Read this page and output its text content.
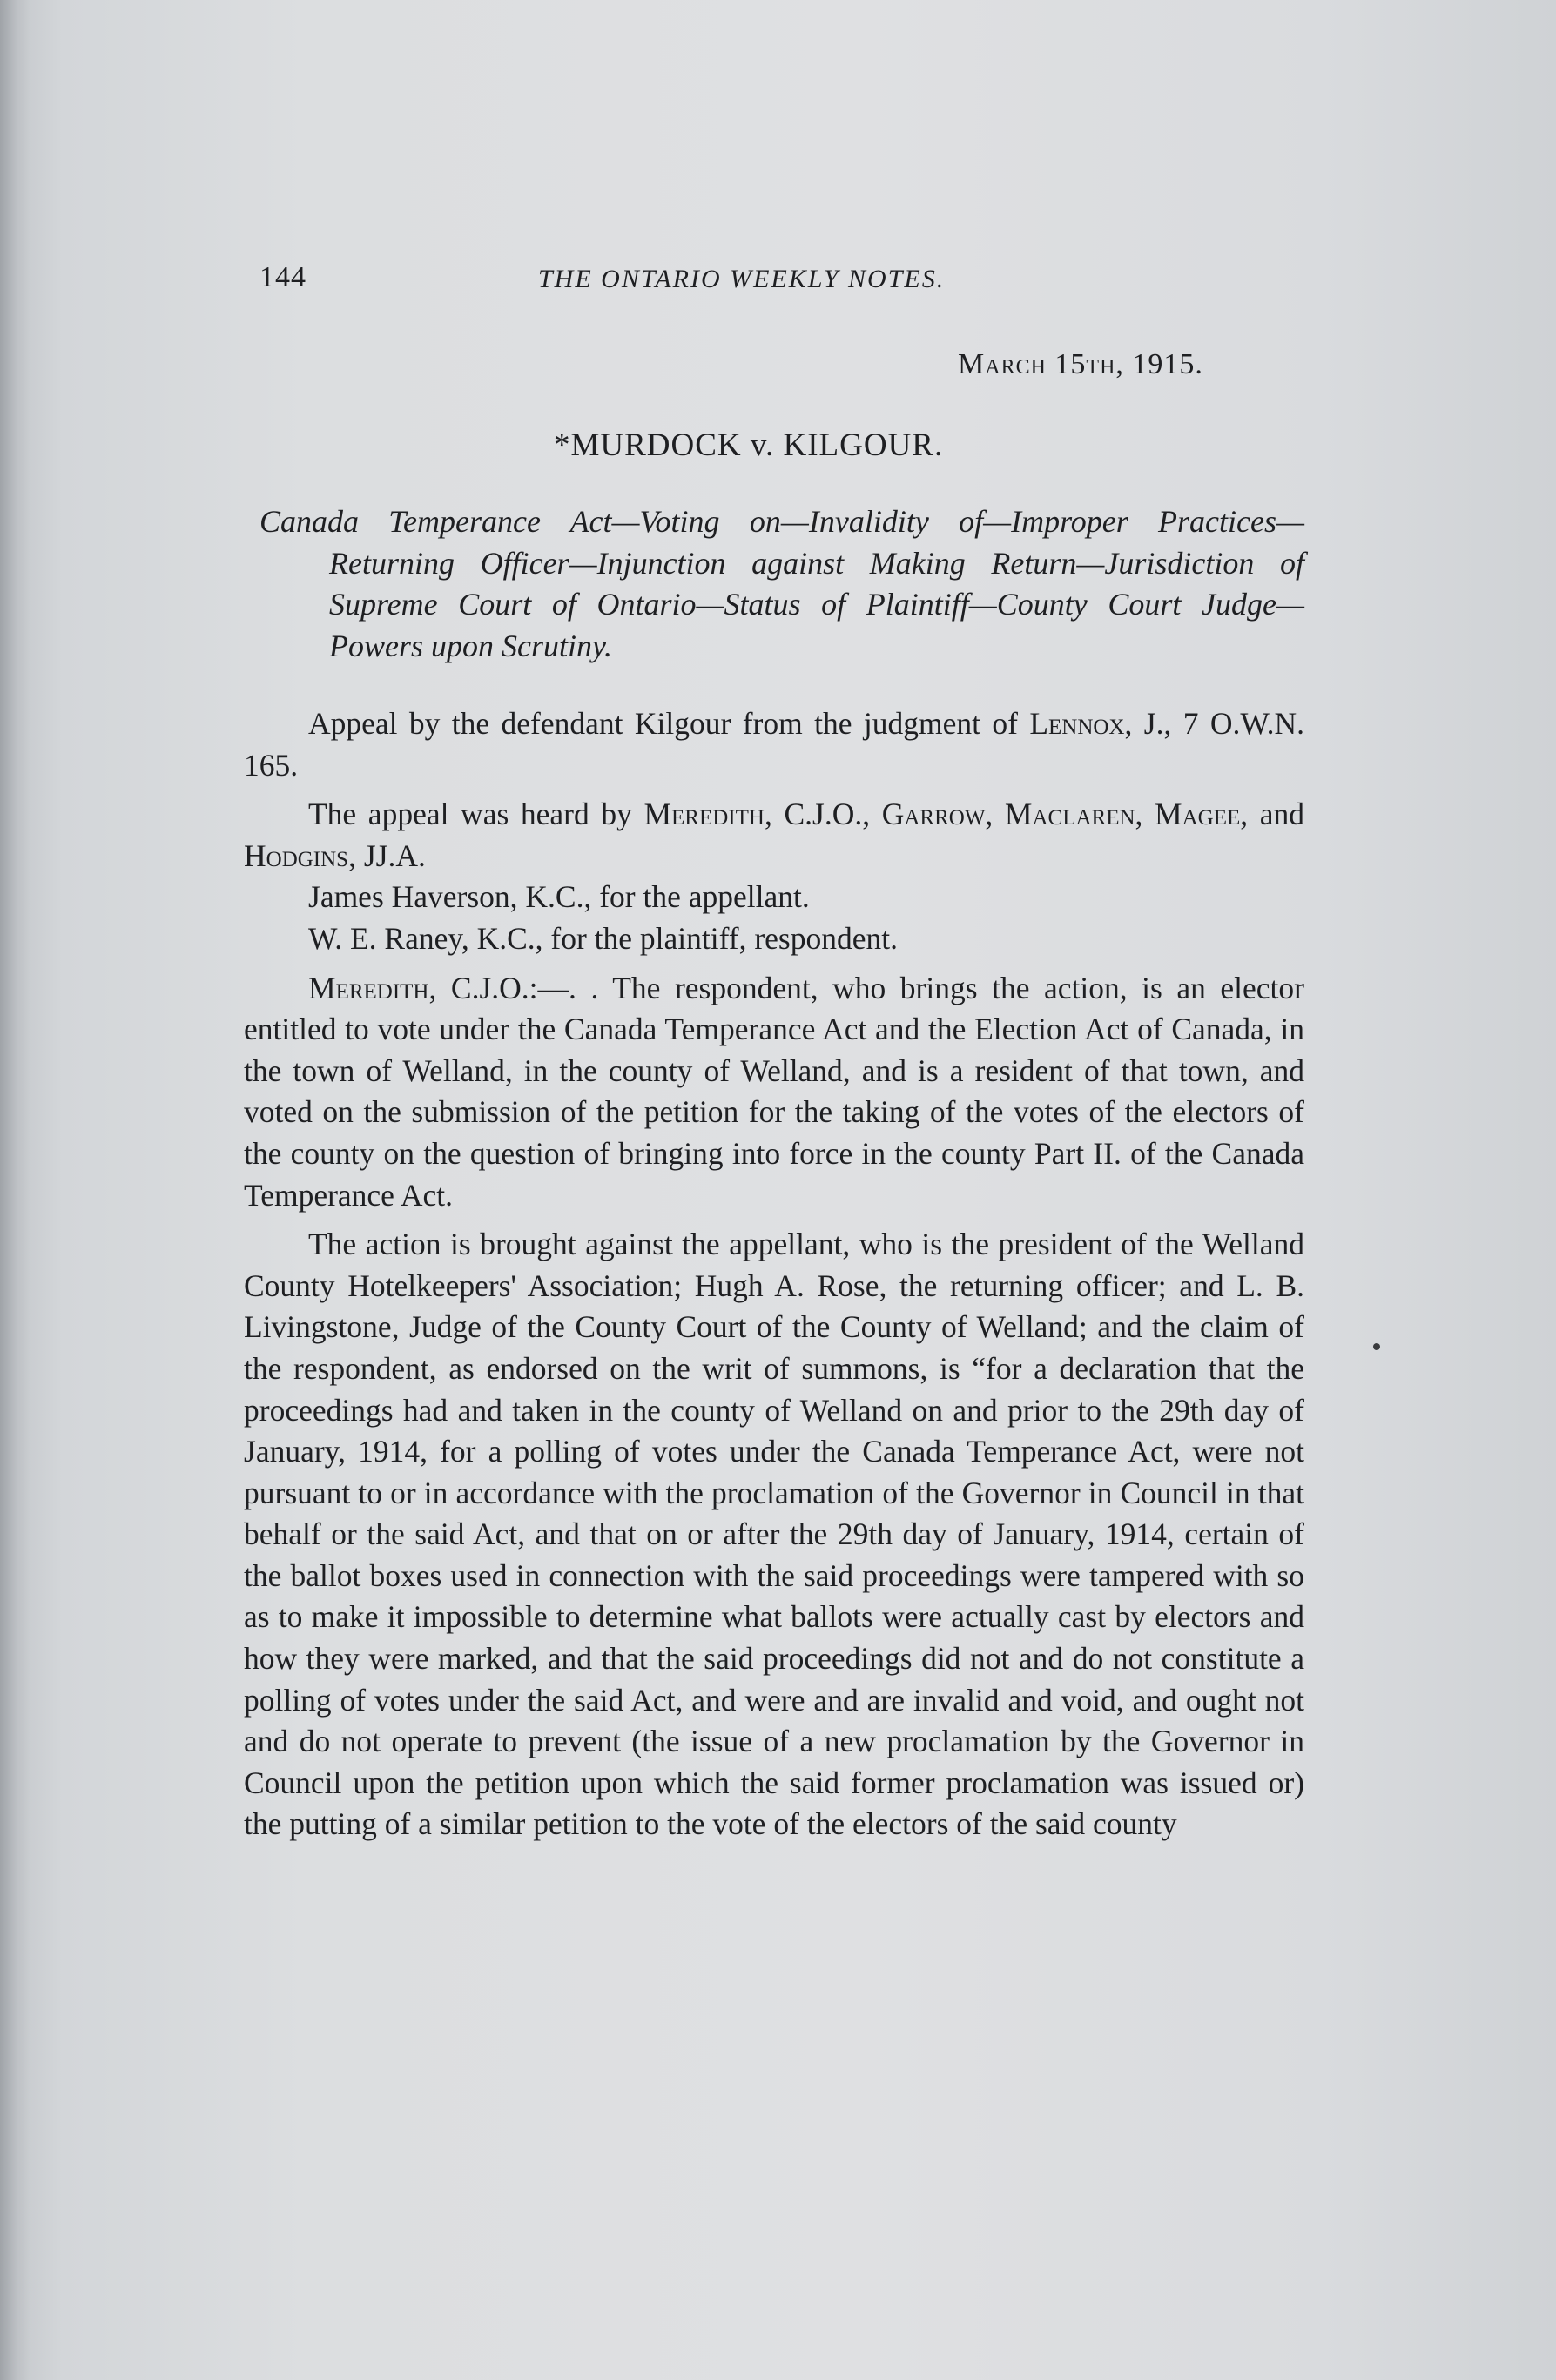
144	THE ONTARIO WEEKLY NOTES.
March 15th, 1915.
*MURDOCK v. KILGOUR.
Canada Temperance Act—Voting on—Invalidity of—Improper Practices—Returning Officer—Injunction against Making Return—Jurisdiction of Supreme Court of Ontario—Status of Plaintiff—County Court Judge—Powers upon Scrutiny.

Appeal by the defendant Kilgour from the judgment of Lennox, J., 7 O.W.N. 165.

The appeal was heard by Meredith, C.J.O., Garrow, Maclaren, Magee, and Hodgins, JJ.A.

James Haverson, K.C., for the appellant.

W. E. Raney, K.C., for the plaintiff, respondent.

Meredith, C.J.O.:—. . The respondent, who brings the action, is an elector entitled to vote under the Canada Temperance Act and the Election Act of Canada, in the town of Welland, in the county of Welland, and is a resident of that town, and voted on the submission of the petition for the taking of the votes of the electors of the county on the question of bringing into force in the county Part II. of the Canada Temperance Act.

The action is brought against the appellant, who is the president of the Welland County Hotelkeepers' Association; Hugh A. Rose, the returning officer; and L. B. Livingstone, Judge of the County Court of the County of Welland; and the claim of the respondent, as endorsed on the writ of summons, is “for a declaration that the proceedings had and taken in the county of Welland on and prior to the 29th day of January, 1914, for a polling of votes under the Canada Temperance Act, were not pursuant to or in accordance with the proclamation of the Governor in Council in that behalf or the said Act, and that on or after the 29th day of January, 1914, certain of the ballot boxes used in connection with the said proceedings were tampered with so as to make it impossible to determine what ballots were actually cast by electors and how they were marked, and that the said proceedings did not and do not constitute a polling of votes under the said Act, and were and are invalid and void, and ought not and do not operate to prevent (the issue of a new proclamation by the Governor in Council upon the petition upon which the said former proclamation was issued or) the putting of a similar petition to the vote of the electors of the said county
